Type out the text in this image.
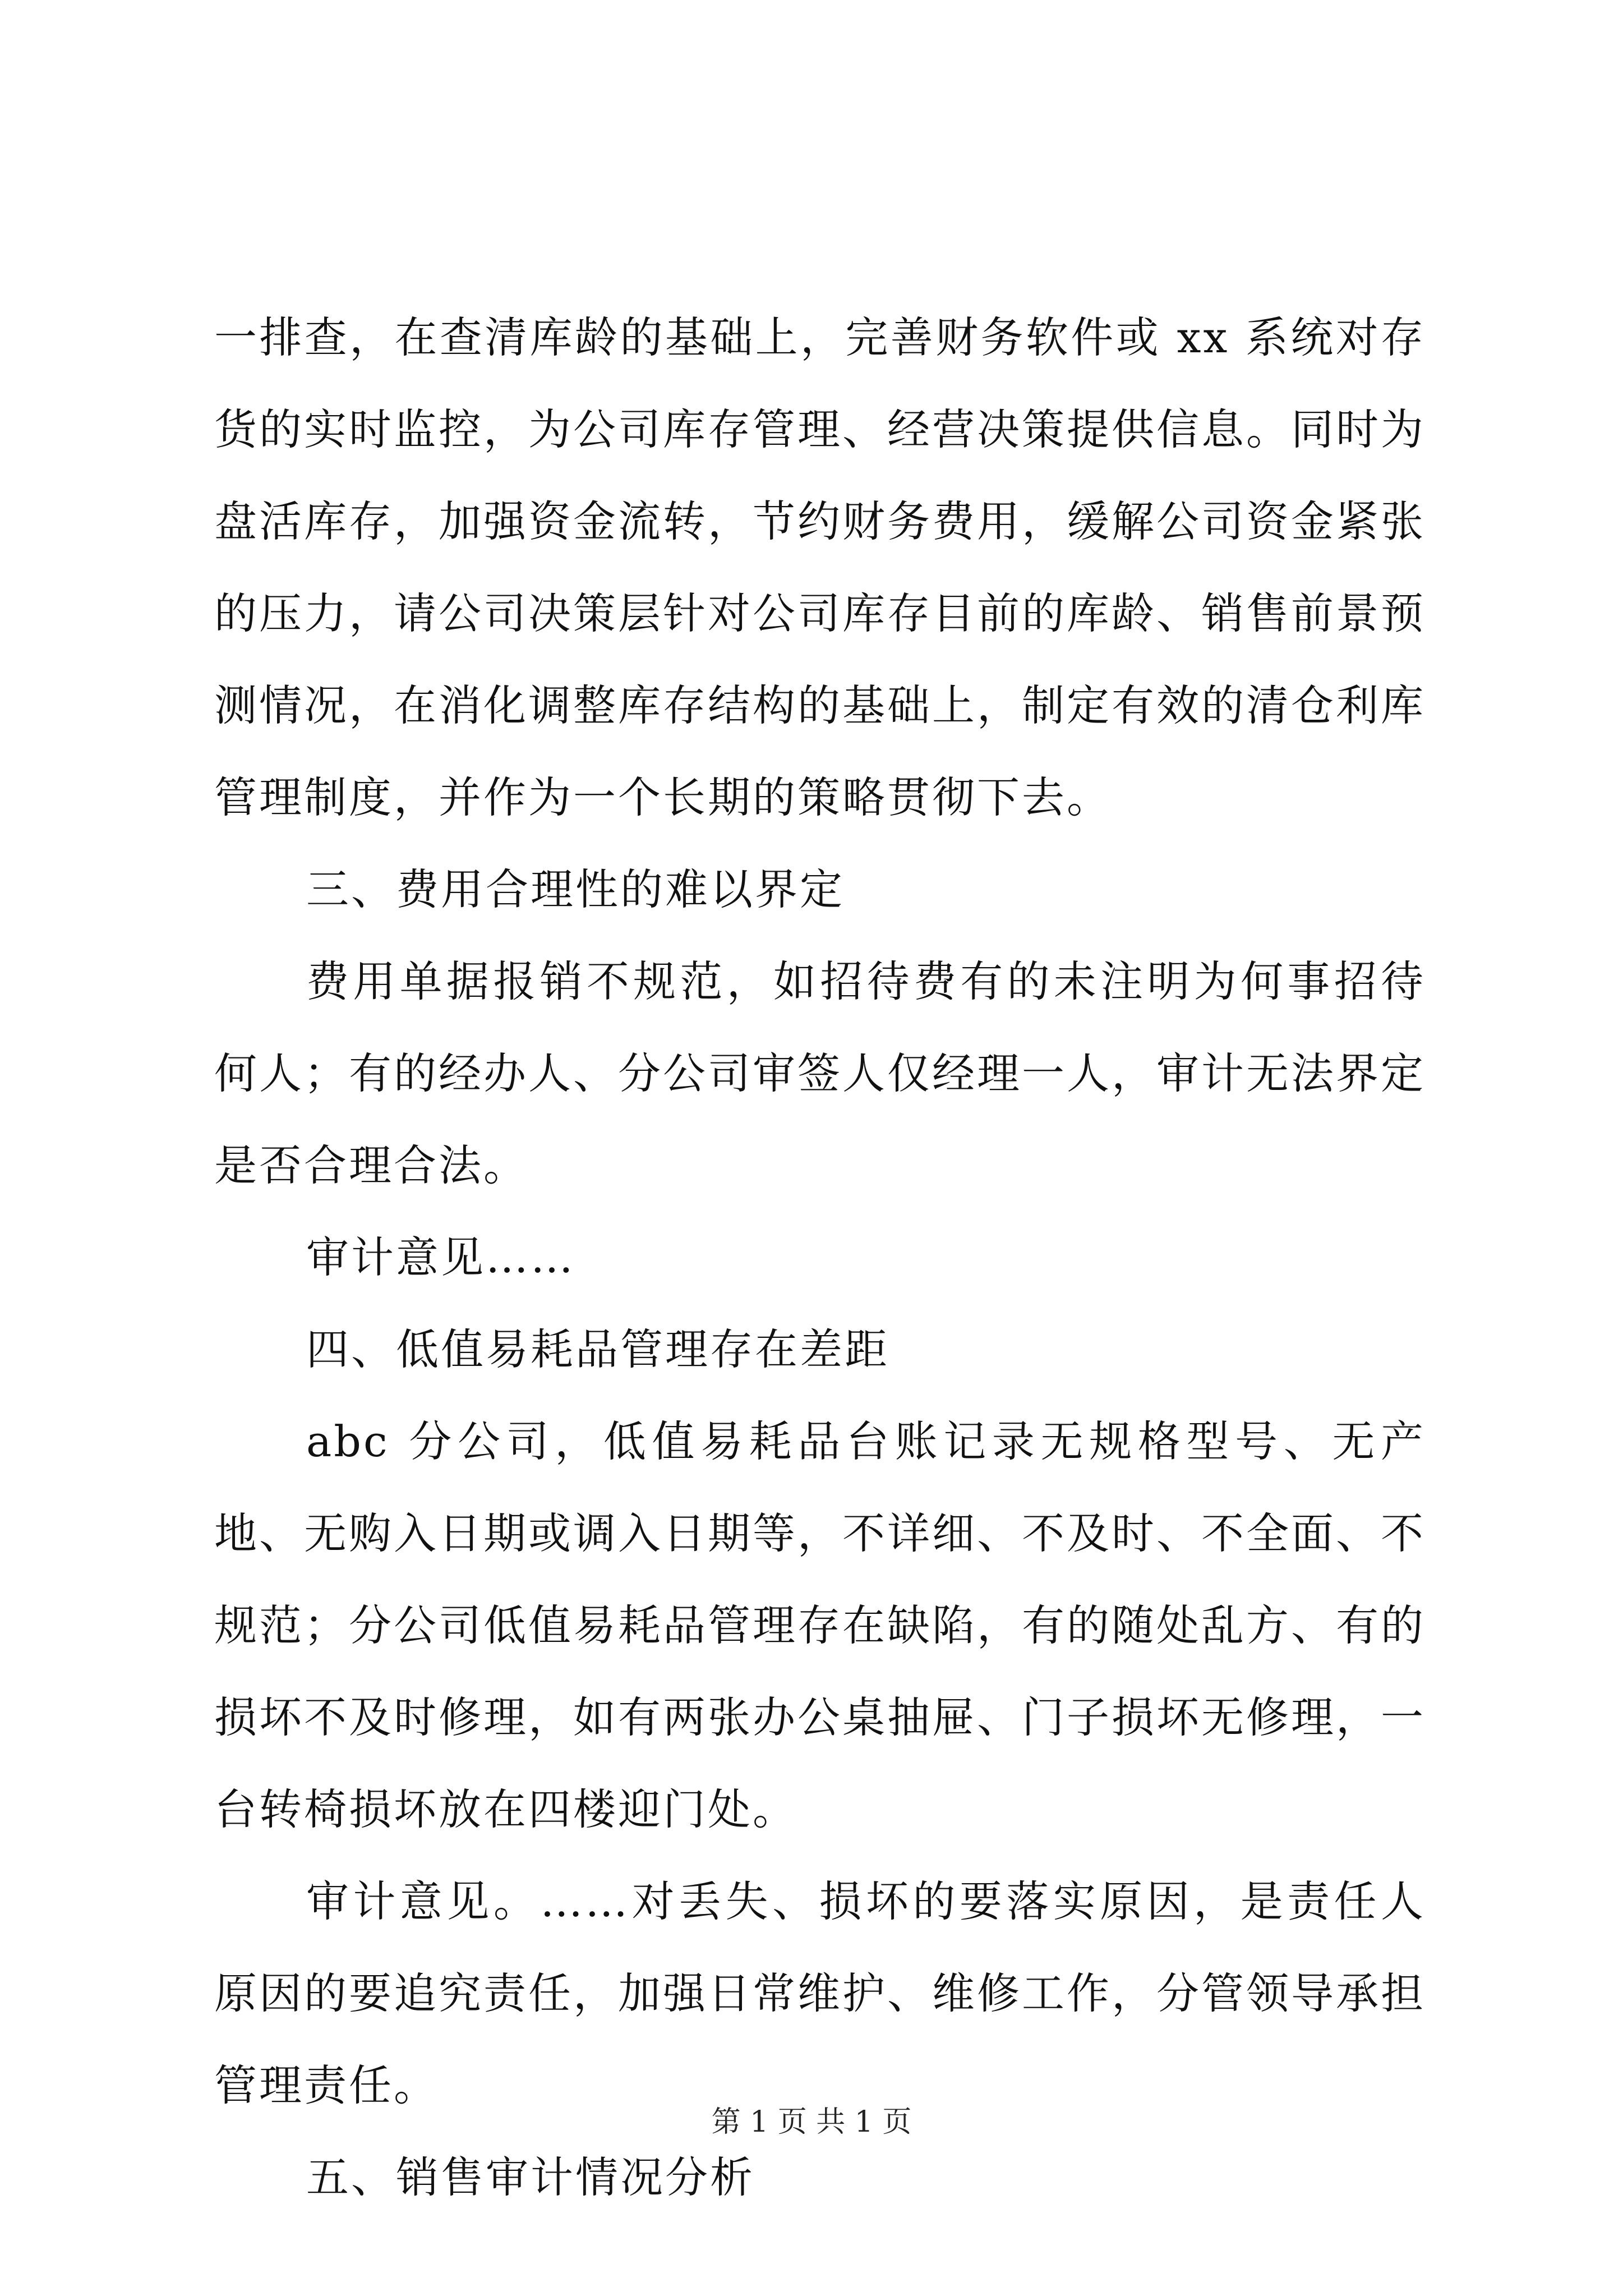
一排查，在查清库龄的基础上，完善财务软件或 xx 系统对存货的实时监控，为公司库存管理、经营决策提供信息。同时为盘活库存，加强资金流转，节约财务费用，缓解公司资金紧张的压力，请公司决策层针对公司库存目前的库龄、销售前景预测情况，在消化调整库存结构的基础上，制定有效的清仓利库管理制度，并作为一个长期的策略贯彻下去。

三、费用合理性的难以界定

费用单据报销不规范，如招待费有的未注明为何事招待何人；有的经办人、分公司审签人仅经理一人，审计无法界定是否合理合法。

审计意见……

四、低值易耗品管理存在差距

abc 分公司，低值易耗品台账记录无规格型号、无产地、无购入日期或调入日期等，不详细、不及时、不全面、不规范；分公司低值易耗品管理存在缺陷，有的随处乱方、有的损坏不及时修理，如有两张办公桌抽屉、门子损坏无修理，一台转椅损坏放在四楼迎门处。

审计意见。……对丢失、损坏的要落实原因，是责任人原因的要追究责任，加强日常维护、维修工作，分管领导承担管理责任。

五、销售审计情况分析

第 1 页 共 1 页
